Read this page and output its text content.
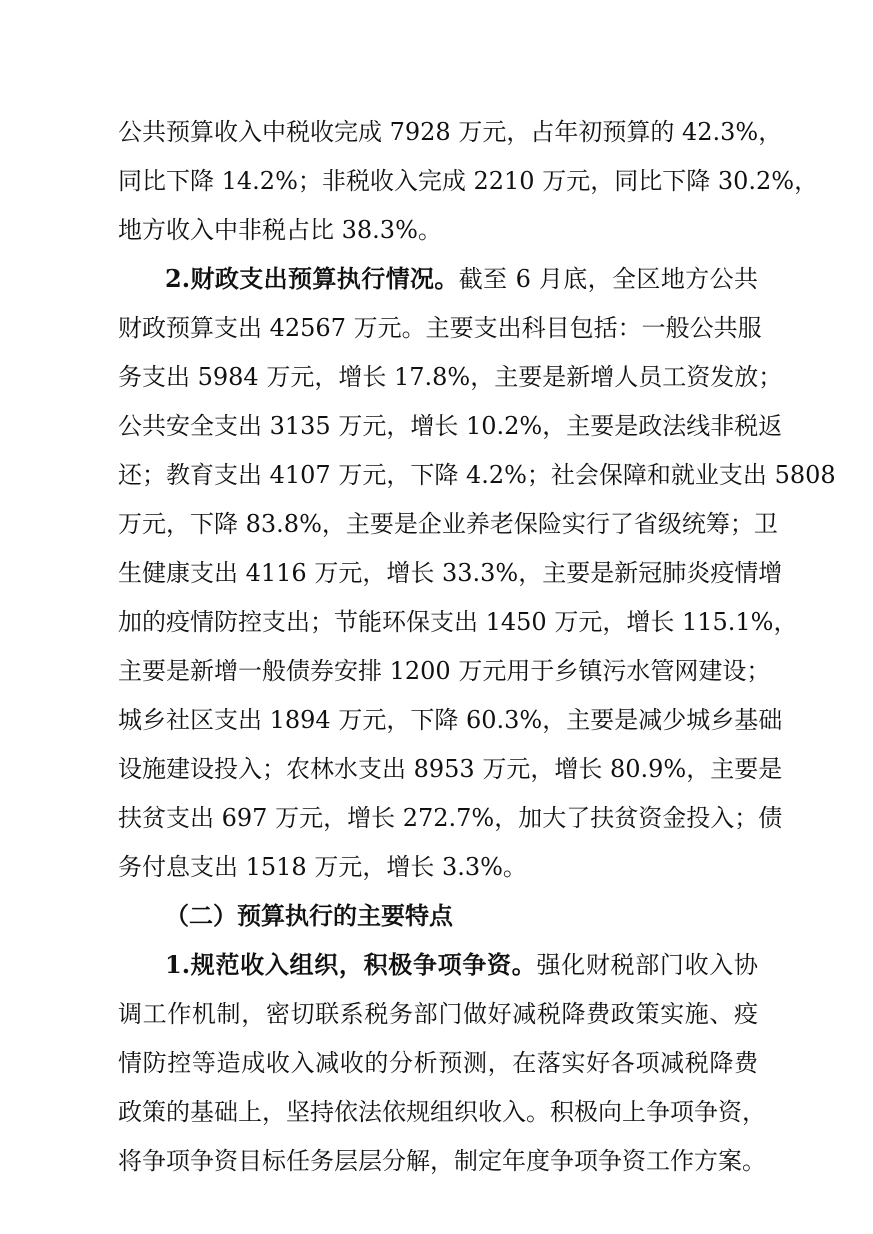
公共预算收入中税收完成 7928 万元，占年初预算的 42.3%，
同比下降 14.2%；非税收入完成 2210 万元，同比下降 30.2%，
地方收入中非税占比 38.3%。
2.财政支出预算执行情况。截至 6 月底，全区地方公共
财政预算支出 42567 万元。主要支出科目包括：一般公共服
务支出 5984 万元，增长 17.8%，主要是新增人员工资发放；
公共安全支出 3135 万元，增长 10.2%，主要是政法线非税返
还；教育支出 4107 万元，下降 4.2%；社会保障和就业支出 5808
万元，下降 83.8%，主要是企业养老保险实行了省级统筹；卫
生健康支出 4116 万元，增长 33.3%，主要是新冠肺炎疫情增
加的疫情防控支出；节能环保支出 1450 万元，增长 115.1%，
主要是新增一般债券安排 1200 万元用于乡镇污水管网建设；
城乡社区支出 1894 万元，下降 60.3%，主要是减少城乡基础
设施建设投入；农林水支出 8953 万元，增长 80.9%，主要是
扶贫支出 697 万元，增长 272.7%，加大了扶贫资金投入；债
务付息支出 1518 万元，增长 3.3%。
（二）预算执行的主要特点
1.规范收入组织，积极争项争资。强化财税部门收入协
调工作机制，密切联系税务部门做好减税降费政策实施、疫
情防控等造成收入减收的分析预测，在落实好各项减税降费
政策的基础上，坚持依法依规组织收入。积极向上争项争资，
将争项争资目标任务层层分解，制定年度争项争资工作方案。
